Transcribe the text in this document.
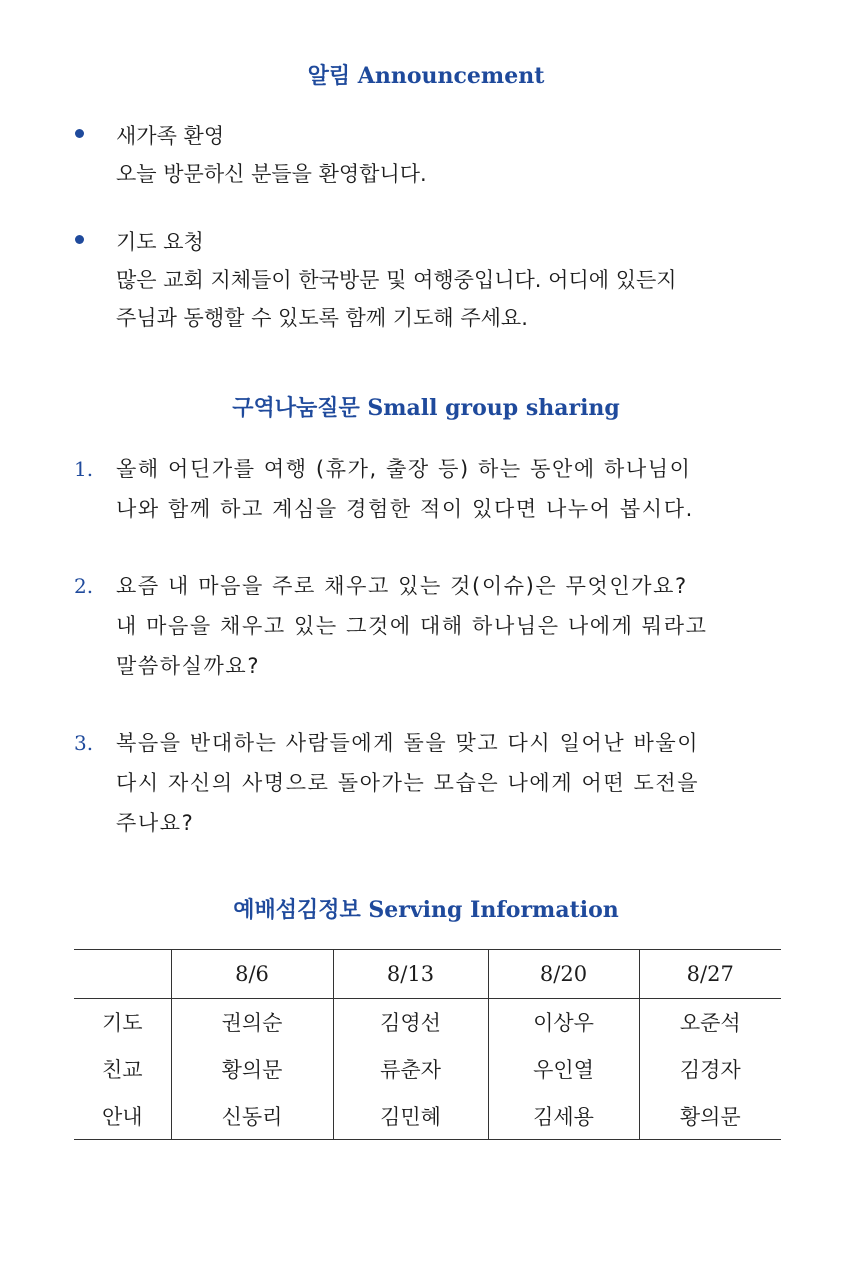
알림 Announcement
새가족 환영
오늘 방문하신 분들을 환영합니다.
기도 요청
많은 교회 지체들이 한국방문 및 여행중입니다. 어디에 있든지
주님과 동행할 수 있도록 함께 기도해 주세요.
구역나눔질문 Small group sharing
1. 올해 어딘가를 여행 (휴가, 출장 등) 하는 동안에 하나님이
나와 함께 하고 계심을 경험한 적이 있다면 나누어 봅시다.
2. 요즘 내 마음을 주로 채우고 있는 것(이슈)은 무엇인가요?
내 마음을 채우고 있는 그것에 대해 하나님은 나에게 뭐라고
말씀하실까요?
3. 복음을 반대하는 사람들에게 돌을 맞고 다시 일어난 바울이
다시 자신의 사명으로 돌아가는 모습은 나에게 어떤 도전을
주나요?
예배섬김정보 Serving Information
	8/6	8/13	8/20	8/27
기도	권의순	김영선	이상우	오준석
친교	황의문	류춘자	우인열	김경자
안내	신동리	김민혜	김세용	황의문
